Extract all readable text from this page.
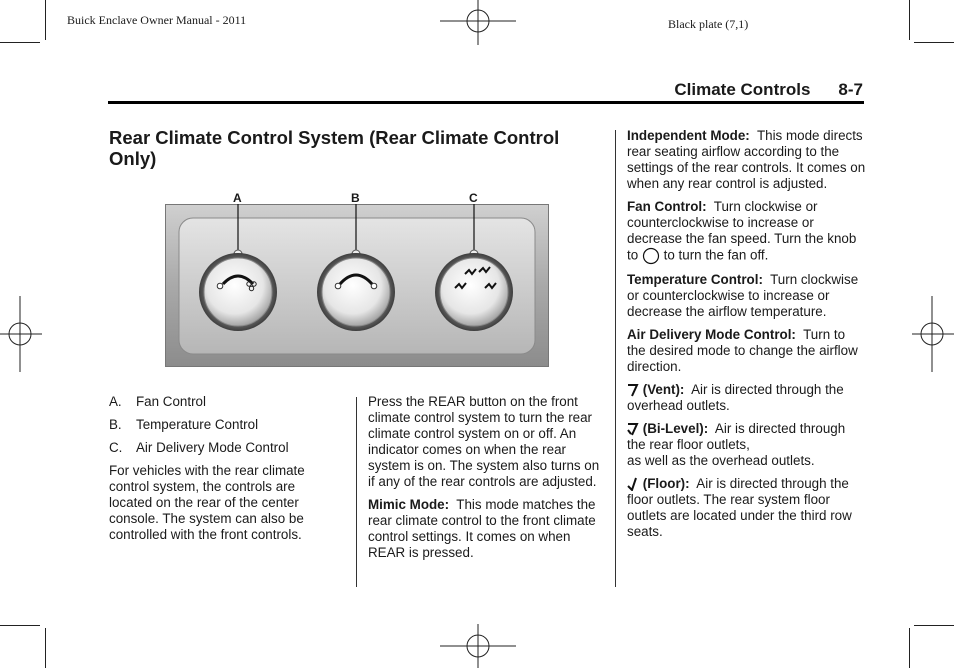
Buick Enclave Owner Manual - 2011	Black plate (7,1)
Climate Controls 8-7
Rear Climate Control System (Rear Climate Control Only)
A	B	C
A. Fan Control
B. Temperature Control
C. Air Delivery Mode Control

For vehicles with the rear climate control system, the controls are located on the rear of the center console. The system can also be controlled with the front controls.

Press the REAR button on the front climate control system to turn the rear climate control system on or off. An indicator comes on when the rear system is on. The system also turns on if any of the rear controls are adjusted.

Mimic Mode: This mode matches the rear climate control to the front climate control settings. It comes on when REAR is pressed.

Independent Mode: This mode directs rear seating airflow according to the settings of the rear controls. It comes on when any rear control is adjusted.

Fan Control: Turn clockwise or counterclockwise to increase or decrease the fan speed. Turn the knob to to turn the fan off.

Temperature Control: Turn clockwise or counterclockwise to increase or decrease the airflow temperature.

Air Delivery Mode Control: Turn to the desired mode to change the airflow direction.

(Vent): Air is directed through the overhead outlets.

(Bi-Level): Air is directed through the rear floor outlets,
as well as the overhead outlets.

(Floor): Air is directed through the floor outlets. The rear system floor outlets are located under the third row seats.
